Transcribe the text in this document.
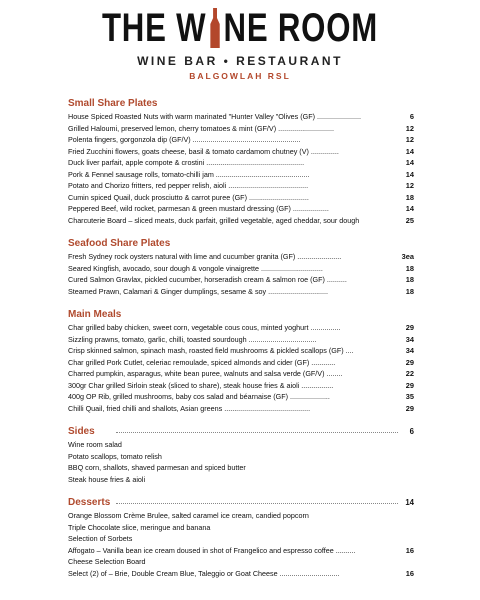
THE W NE ROOM
WINE BAR • RESTAURANT
BALGOWLAH RSL
Small Share Plates
House Spiced Roasted Nuts with warm marinated "Hunter Valley "Olives (GF) ......................	6
Grilled Haloumi, preserved lemon, cherry tomatoes & mint (GF/V) ............................	12
Polenta fingers, gorgonzola dip (GF/V) ......................................................	12
Fried Zucchini flowers, goats cheese, basil & tomato cardamom chutney (V) ..............	14
Duck liver parfait, apple compote & crostini .................................................	14
Pork & Fennel sausage rolls, tomato-chilli jam ...............................................	14
Potato and Chorizo fritters, red pepper relish, aioli ........................................	12
Cumin spiced Quail, duck prosciutto & carrot puree (GF) ..............................	18
Peppered Beef, wild rocket, parmesan & green mustard dressing (GF) ..................	14
Charcuterie Board – sliced meats, duck parfait, grilled vegetable, aged cheddar, sour dough	25
Seafood Share Plates
Fresh Sydney rock oysters natural with lime and cucumber granita (GF) ......................	3ea
Seared Kingfish, avocado, sour dough & vongole vinaigrette ...............................	18
Cured Salmon Gravlax, pickled cucumber, horseradish cream & salmon roe (GF) ..........	18
Steamed Prawn, Calamari & Ginger dumplings, sesame & soy ..............................	18
Main Meals
Char grilled baby chicken, sweet corn, vegetable cous cous, minted yoghurt ...............	29
Sizzling prawns, tomato, garlic, chilli, toasted sourdough ..................................	34
Crisp skinned salmon, spinach mash, roasted field mushrooms & pickled scallops (GF) ....	34
Char grilled Pork Cutlet, celeriac remoulade, spiced almonds and cider (GF) ............	29
Charred pumpkin, asparagus, white bean puree, walnuts and salsa verde (GF/V) ........	22
300gr Char grilled Sirloin steak (sliced to share), steak house fries & aioli ................	29
400g OP Rib, grilled mushrooms, baby cos salad and béarnaise (GF) ....................	35
Chilli Quail, fried chilli and shallots, Asian greens ...........................................	29
Sides	6
Wine room salad
Potato scallops, tomato relish
BBQ corn, shallots, shaved parmesan and spiced butter
Steak house fries & aioli
Desserts	14
Orange Blossom Crème Brulee, salted caramel ice cream, candied popcorn
Triple Chocolate slice, meringue and banana
Selection of Sorbets
Affogato – Vanilla bean ice cream doused in shot of Frangelico and espresso coffee ..........	16
Cheese Selection Board
Select (2) of – Brie, Double Cream Blue, Taleggio or Goat Cheese ..............................	16
